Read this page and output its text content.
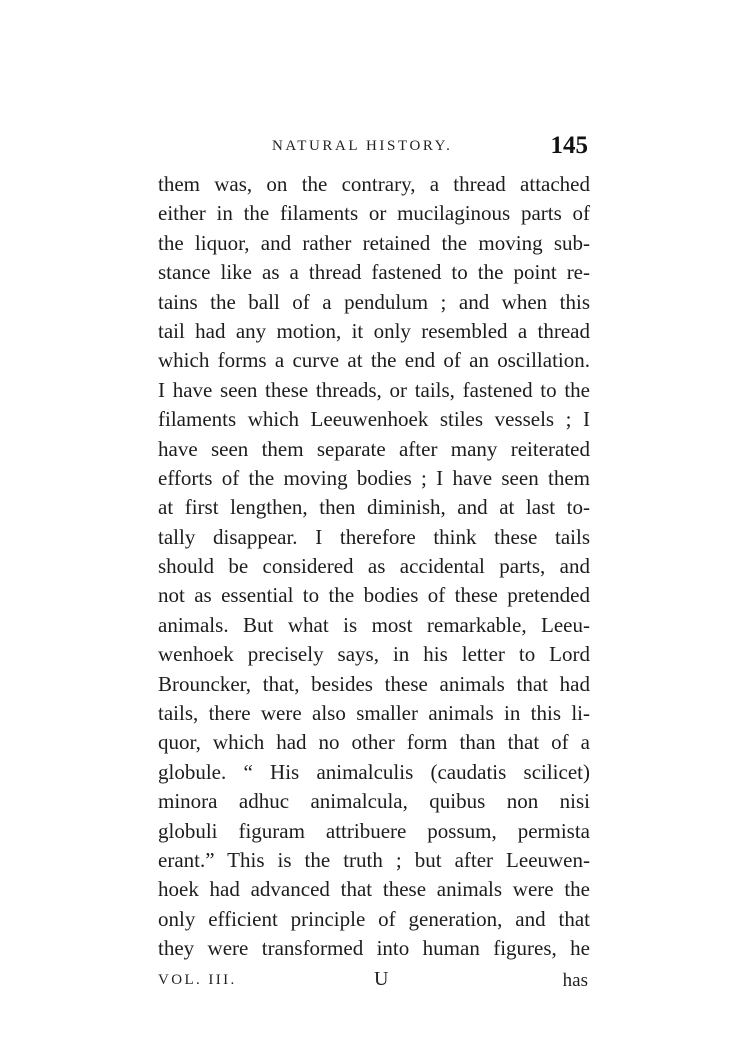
NATURAL HISTORY.	145
them was, on the contrary, a thread attached
either in the filaments or mucilaginous parts of
the liquor, and rather retained the moving sub-
stance like as a thread fastened to the point re-
tains the ball of a pendulum ; and when this
tail had any motion, it only resembled a thread
which forms a curve at the end of an oscillation.
I have seen these threads, or tails, fastened to the
filaments which Leeuwenhoek stiles vessels ; I
have seen them separate after many reiterated
efforts of the moving bodies ; I have seen them
at first lengthen, then diminish, and at last to-
tally disappear. I therefore think these tails
should be considered as accidental parts, and
not as essential to the bodies of these pretended
animals. But what is most remarkable, Leeu-
wenhoek precisely says, in his letter to Lord
Brouncker, that, besides these animals that had
tails, there were also smaller animals in this li-
quor, which had no other form than that of a
globule. “ His animalculis (caudatis scilicet)
minora adhuc animalcula, quibus non nisi
globuli figuram attribuere possum, permista
erant.” This is the truth ; but after Leeuwen-
hoek had advanced that these animals were the
only efficient principle of generation, and that
they were transformed into human figures, he
VOL. III.	U	has
